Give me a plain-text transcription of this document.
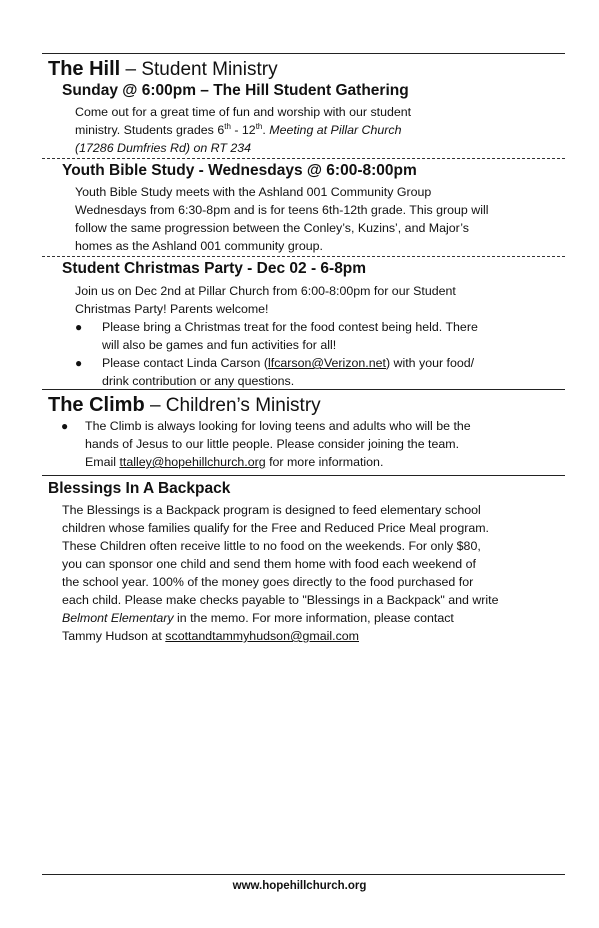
The Hill – Student Ministry
Sunday @ 6:00pm – The Hill Student Gathering
Come out for a great time of fun and worship with our student
ministry. Students grades 6th - 12th. Meeting at Pillar Church
(17286 Dumfries Rd) on RT 234
Youth Bible Study - Wednesdays @ 6:00-8:00pm
Youth Bible Study meets with the Ashland 001 Community Group
Wednesdays from 6:30-8pm and is for teens 6th-12th grade. This group will
follow the same progression between the Conley’s, Kuzins’, and Major’s
homes as the Ashland 001 community group.
Student Christmas Party - Dec 02 - 6-8pm
Join us on Dec 2nd at Pillar Church from 6:00-8:00pm for our Student
Christmas Party! Parents welcome!
● Please bring a Christmas treat for the food contest being held. There
will also be games and fun activities for all!
● Please contact Linda Carson (lfcarson@Verizon.net) with your food/
drink contribution or any questions.
The Climb – Children’s Ministry
● The Climb is always looking for loving teens and adults who will be the
hands of Jesus to our little people. Please consider joining the team.
Email ttalley@hopehillchurch.org for more information.
Blessings In A Backpack
The Blessings is a Backpack program is designed to feed elementary school
children whose families qualify for the Free and Reduced Price Meal program.
These Children often receive little to no food on the weekends. For only $80,
you can sponsor one child and send them home with food each weekend of
the school year. 100% of the money goes directly to the food purchased for
each child. Please make checks payable to "Blessings in a Backpack" and write
Belmont Elementary in the memo. For more information, please contact
Tammy Hudson at scottandtammyhudson@gmail.com
www.hopehillchurch.org
